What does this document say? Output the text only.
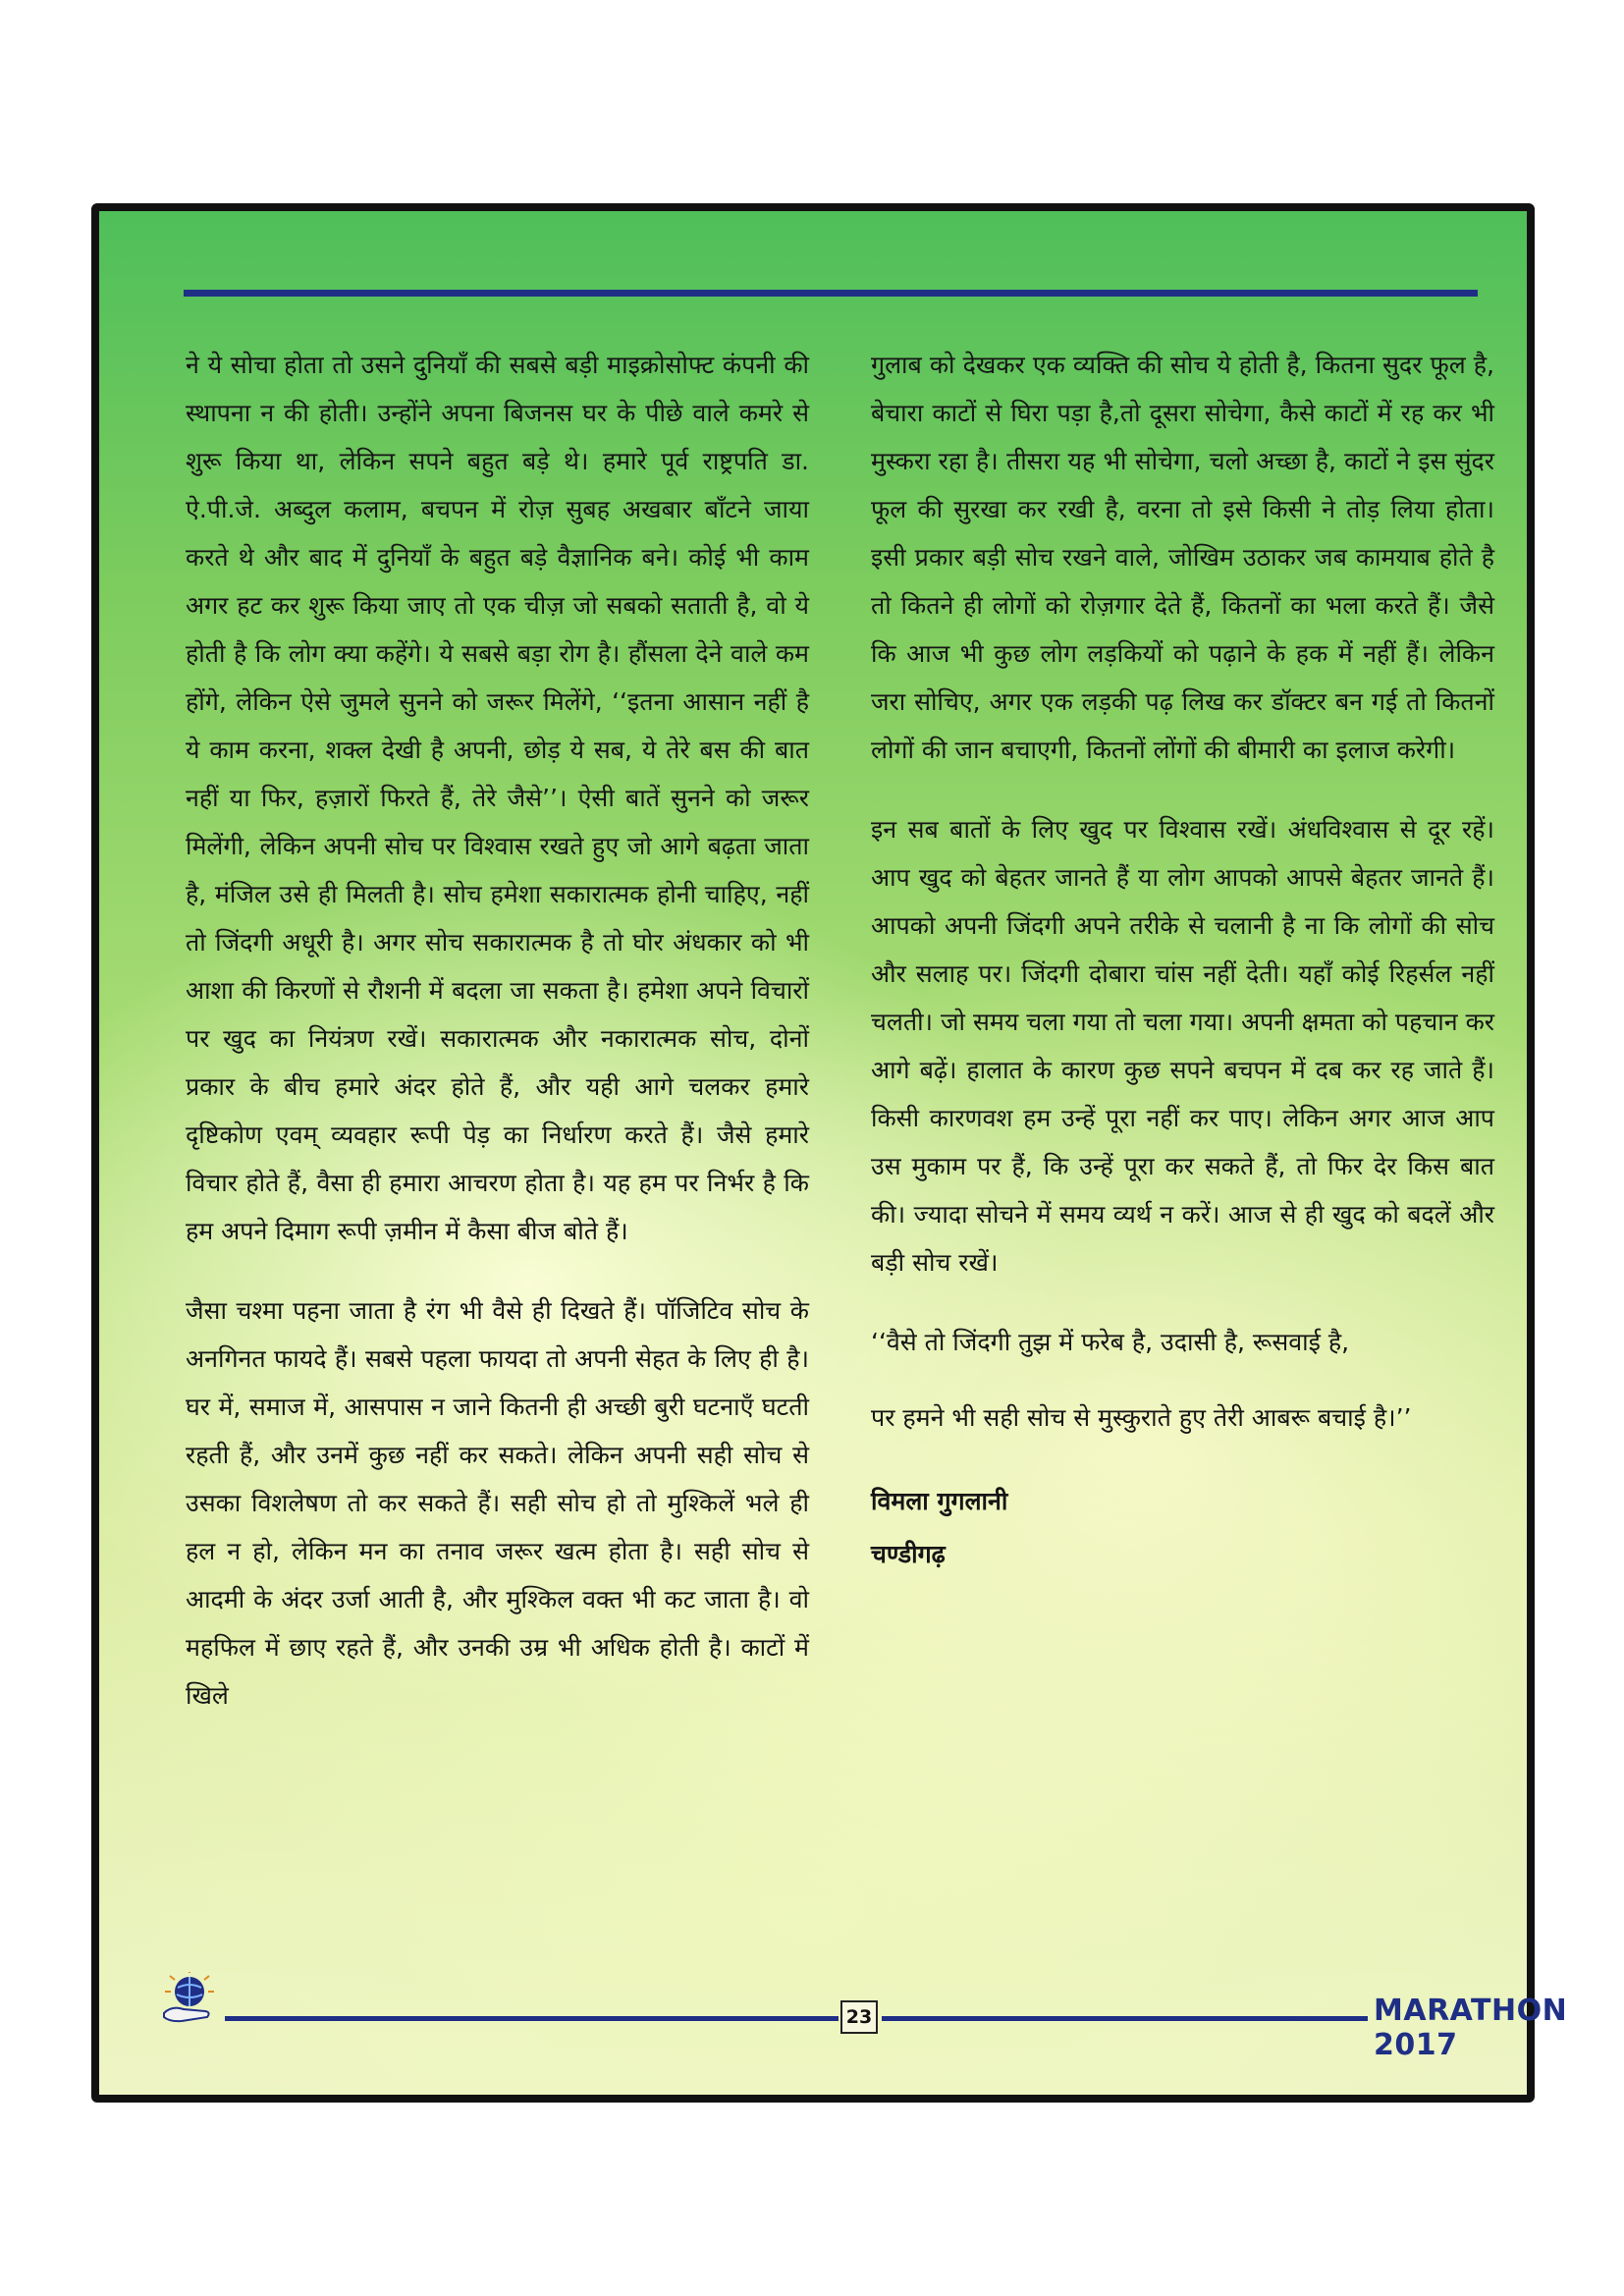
ने ये सोचा होता तो उसने दुनियाँ की सबसे बड़ी माइक्रोसोफ्ट कंपनी की स्थापना न की होती। उन्होंने अपना बिजनस घर के पीछे वाले कमरे से शुरू किया था, लेकिन सपने बहुत बड़े थे। हमारे पूर्व राष्ट्रपति डा. ऐ.पी.जे. अब्दुल कलाम, बचपन में रोज़ सुबह अखबार बाँटने जाया करते थे और बाद में दुनियाँ के बहुत बड़े वैज्ञानिक बने। कोई भी काम अगर हट कर शुरू किया जाए तो एक चीज़ जो सबको सताती है, वो ये होती है कि लोग क्या कहेंगे। ये सबसे बड़ा रोग है। हौंसला देने वाले कम होंगे, लेकिन ऐसे जुमले सुनने को जरूर मिलेंगे, ‘‘इतना आसान नहीं है ये काम करना, शक्ल देखी है अपनी, छोड़ ये सब, ये तेरे बस की बात नहीं या फिर, हज़ारों फिरते हैं, तेरे जैसे’’। ऐसी बातें सुनने को जरूर मिलेंगी, लेकिन अपनी सोच पर विश्वास रखते हुए जो आगे बढ़ता जाता है, मंजिल उसे ही मिलती है। सोच हमेशा सकारात्मक होनी चाहिए, नहीं तो जिंदगी अधूरी है। अगर सोच सकारात्मक है तो घोर अंधकार को भी आशा की किरणों से रौशनी में बदला जा सकता है। हमेशा अपने विचारों पर खुद का नियंत्रण रखें। सकारात्मक और नकारात्मक सोच, दोनों प्रकार के बीच हमारे अंदर होते हैं, और यही आगे चलकर हमारे दृष्टिकोण एवम् व्यवहार रूपी पेड़ का निर्धारण करते हैं। जैसे हमारे विचार होते हैं, वैसा ही हमारा आचरण होता है। यह हम पर निर्भर है कि हम अपने दिमाग रूपी ज़मीन में कैसा बीज बोते हैं।

जैसा चश्मा पहना जाता है रंग भी वैसे ही दिखते हैं। पॉजिटिव सोच के अनगिनत फायदे हैं। सबसे पहला फायदा तो अपनी सेहत के लिए ही है। घर में, समाज में, आसपास न जाने कितनी ही अच्छी बुरी घटनाएँ घटती रहती हैं, और उनमें कुछ नहीं कर सकते। लेकिन अपनी सही सोच से उसका विशलेषण तो कर सकते हैं। सही सोच हो तो मुश्किलें भले ही हल न हो, लेकिन मन का तनाव जरूर खत्म होता है। सही सोच से आदमी के अंदर उर्जा आती है, और मुश्किल वक्त भी कट जाता है। वो महफिल में छाए रहते हैं, और उनकी उम्र भी अधिक होती है। काटों में खिले

गुलाब को देखकर एक व्यक्ति की सोच ये होती है, कितना सुदर फूल है, बेचारा काटों से घिरा पड़ा है,तो दूसरा सोचेगा, कैसे काटों में रह कर भी मुस्करा रहा है। तीसरा यह भी सोचेगा, चलो अच्छा है, काटों ने इस सुंदर फूल की सुरखा कर रखी है, वरना तो इसे किसी ने तोड़ लिया होता। इसी प्रकार बड़ी सोच रखने वाले, जोखिम उठाकर जब कामयाब होते है तो कितने ही लोगों को रोज़गार देते हैं, कितनों का भला करते हैं। जैसे कि आज भी कुछ लोग लड़कियों को पढ़ाने के हक में नहीं हैं। लेकिन जरा सोचिए, अगर एक लड़की पढ़ लिख कर डॉक्टर बन गई तो कितनों लोगों की जान बचाएगी, कितनों लोंगों की बीमारी का इलाज करेगी।

इन सब बातों के लिए खुद पर विश्वास रखें। अंधविश्वास से दूर रहें। आप खुद को बेहतर जानते हैं या लोग आपको आपसे बेहतर जानते हैं। आपको अपनी जिंदगी अपने तरीके से चलानी है ना कि लोगों की सोच और सलाह पर। जिंदगी दोबारा चांस नहीं देती। यहाँ कोई रिहर्सल नहीं चलती। जो समय चला गया तो चला गया। अपनी क्षमता को पहचान कर आगे बढ़ें। हालात के कारण कुछ सपने बचपन में दब कर रह जाते हैं। किसी कारणवश हम उन्हें पूरा नहीं कर पाए। लेकिन अगर आज आप उस मुकाम पर हैं, कि उन्हें पूरा कर सकते हैं, तो फिर देर किस बात की। ज्यादा सोचने में समय व्यर्थ न करें। आज से ही खुद को बदलें और बड़ी सोच रखें।

‘‘वैसे तो जिंदगी तुझ में फरेब है, उदासी है, रूसवाई है,
पर हमने भी सही सोच से मुस्कुराते हुए तेरी आबरू बचाई है।’’
विमला गुगलानी
चण्डीगढ़
23	MARATHON 2017
